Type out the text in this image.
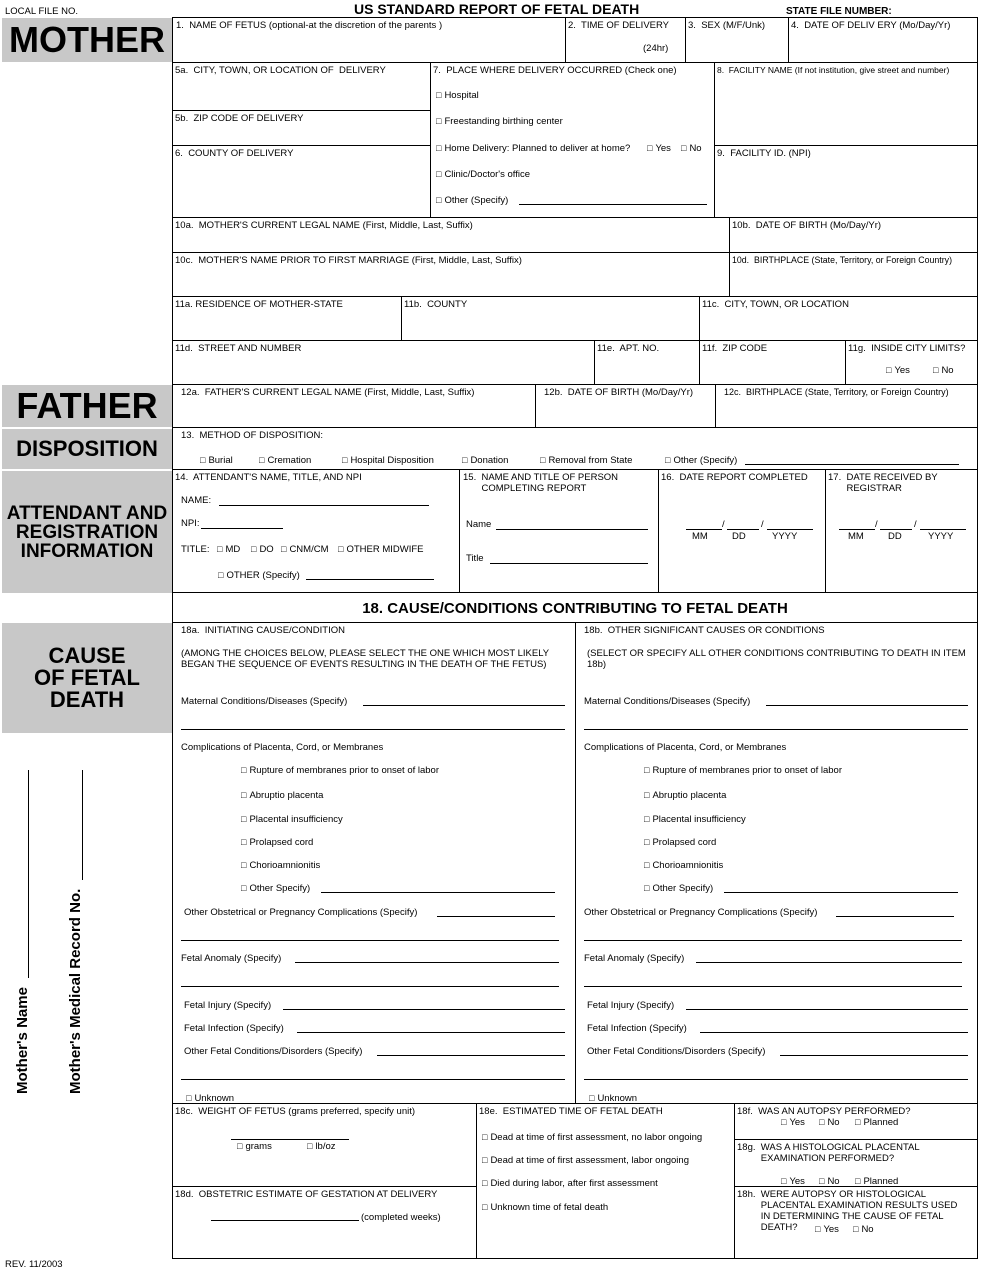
LOCAL FILE NO.	US STANDARD REPORT OF FETAL DEATH	STATE FILE NUMBER:
MOTHER
FATHER
DISPOSITION
ATTENDANT AND REGISTRATION INFORMATION
CAUSE OF FETAL DEATH
Mother's Name Mother's Medical Record No.
1.  NAME OF FETUS (optional-at the discretion of the parents )	2.  TIME OF DELIVERY
(24hr)
3.  SEX (M/F/Unk)	4.  DATE OF DELIV ERY (Mo/Day/Yr)
5a.  CITY, TOWN, OR LOCATION OF  DELIVERY
5b.  ZIP CODE OF DELIVERY
6.  COUNTY OF DELIVERY
7.  PLACE WHERE DELIVERY OCCURRED (Check one)
□ Hospital
□ Freestanding birthing center
□ Home Delivery: Planned to deliver at home?	□ Yes	□ No
□ Clinic/Doctor's office
□ Other (Specify)
8.  FACILITY NAME (If not institution, give street and number)
9.  FACILITY ID. (NPI)
10a.  MOTHER'S CURRENT LEGAL NAME (First, Middle, Last, Suffix)	10b.  DATE OF BIRTH (Mo/Day/Yr)
10c.  MOTHER'S NAME PRIOR TO FIRST MARRIAGE (First, Middle, Last, Suffix)	10d.  BIRTHPLACE (State, Territory, or Foreign Country)
11a. RESIDENCE OF MOTHER-STATE	11b.  COUNTY	11c.  CITY, TOWN, OR LOCATION
11d.  STREET AND NUMBER	11e.  APT. NO.	11f.  ZIP CODE	11g.  INSIDE CITY LIMITS?
□ Yes	□ No
12a.  FATHER'S CURRENT LEGAL NAME (First, Middle, Last, Suffix)	12b.  DATE OF BIRTH (Mo/Day/Yr)	12c.  BIRTHPLACE (State, Territory, or Foreign Country)
13.  METHOD OF DISPOSITION:
□ Burial	□ Cremation	□ Hospital Disposition	□ Donation	□ Removal from State	□ Other (Specify)
14.  ATTENDANT'S NAME, TITLE, AND NPI
NAME:
NPI:
TITLE:	□ MD	□ DO	□ CNM/CM	□ OTHER MIDWIFE
□ OTHER (Specify)
15.  NAME AND TITLE OF PERSON
COMPLETING REPORT
Name
Title
16.  DATE REPORT COMPLETED
/	/
MM	DD	YYYY
17.  DATE RECEIVED BY
REGISTRAR
/	/
MM	DD	YYYY
18. CAUSE/CONDITIONS CONTRIBUTING TO FETAL DEATH
18a.  INITIATING CAUSE/CONDITION
(AMONG THE CHOICES BELOW, PLEASE SELECT THE ONE WHICH MOST LIKELY  BEGAN THE SEQUENCE OF EVENTS RESULTING IN THE DEATH OF THE FETUS)
Maternal Conditions/Diseases (Specify)
Complications of Placenta, Cord, or Membranes
□ Rupture of membranes prior to onset of labor
□ Abruptio placenta
□ Placental insufficiency
□ Prolapsed cord
□ Chorioamnionitis
□ Other Specify)
Other Obstetrical or Pregnancy Complications (Specify)
Fetal Anomaly (Specify)
Fetal Injury (Specify)
Fetal Infection (Specify)
Other Fetal Conditions/Disorders (Specify)
□ Unknown
18b.  OTHER SIGNIFICANT CAUSES OR CONDITIONS
(SELECT OR SPECIFY ALL OTHER CONDITIONS CONTRIBUTING TO DEATH IN ITEM 18b)
Maternal Conditions/Diseases (Specify)
Complications of Placenta, Cord, or Membranes
□ Rupture of membranes prior to onset of labor
□ Abruptio placenta
□ Placental insufficiency
□ Prolapsed cord
□ Chorioamnionitis
□ Other Specify)
Other Obstetrical or Pregnancy Complications (Specify)
Fetal Anomaly (Specify)
Fetal Injury (Specify)
Fetal Infection (Specify)
Other Fetal Conditions/Disorders (Specify)
□ Unknown
18c.  WEIGHT OF FETUS (grams preferred, specify unit)
□ grams	□ lb/oz
18d.  OBSTETRIC ESTIMATE OF GESTATION AT DELIVERY
(completed weeks)
18e.  ESTIMATED TIME OF FETAL DEATH
□ Dead at time of first assessment, no labor ongoing
□ Dead at time of first assessment, labor ongoing
□ Died during labor, after first assessment
□ Unknown time of fetal death
18f.  WAS AN AUTOPSY PERFORMED?
□ Yes	□ No	□ Planned
18g.  WAS A HISTOLOGICAL PLACENTAL
EXAMINATION PERFORMED?
□ Yes	□ No	□ Planned
18h.  WERE AUTOPSY OR HISTOLOGICAL
PLACENTAL EXAMINATION RESULTS USED
IN DETERMINING THE CAUSE OF FETAL
DEATH?	□ Yes	□ No
REV. 11/2003
